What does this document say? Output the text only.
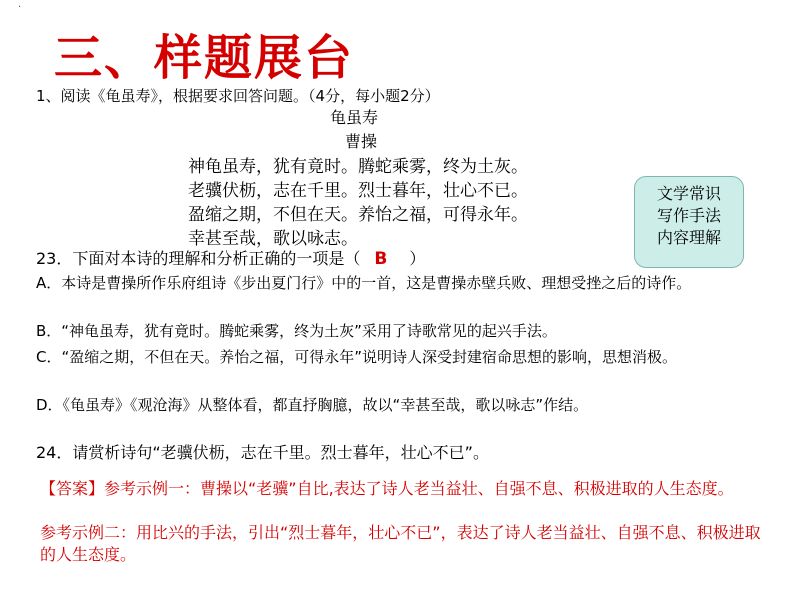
·
三、样题展台
1、阅读《龟虽寿》，根据要求回答问题。（4分，每小题2分）
龟虽寿
曹操
神龟虽寿，犹有竟时。腾蛇乘雾，终为土灰。
老骥伏枥，志在千里。烈士暮年，壮心不已。
盈缩之期，不但在天。养怡之福，可得永年。
幸甚至哉，歌以咏志。
文学常识
写作手法
内容理解
23．下面对本诗的理解和分析正确的一项是（ B ）
A．本诗是曹操所作乐府组诗《步出夏门行》中的一首，这是曹操赤壁兵败、理想受挫之后的诗作。
B．“神龟虽寿，犹有竟时。腾蛇乘雾，终为土灰”采用了诗歌常见的起兴手法。
C．“盈缩之期，不但在天。养怡之福，可得永年”说明诗人深受封建宿命思想的影响，思想消极。
D．《龟虽寿》《观沧海》从整体看，都直抒胸臆，故以“幸甚至哉，歌以咏志”作结。
24．请赏析诗句“老骥伏枥，志在千里。烈士暮年，壮心不已”。
【答案】参考示例一：曹操以“老骥”自比,表达了诗人老当益壮、自强不息、积极进取的人生态度。
参考示例二：用比兴的手法，引出“烈士暮年，壮心不已”，表达了诗人老当益壮、自强不息、积极进取的人生态度。
